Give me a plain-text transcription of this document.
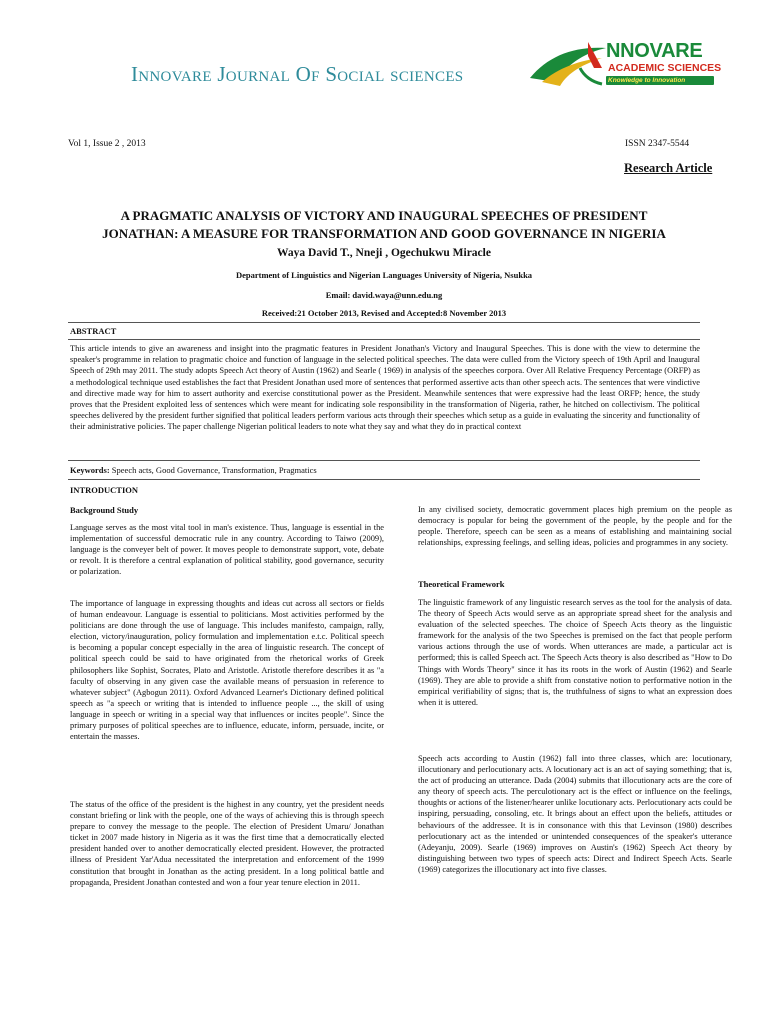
Innovare Journal Of Social sciences
NNOVARE
ACADEMIC SCIENCES
Knowledge to Innovation
Vol 1, Issue 2 , 2013	ISSN 2347-5544
Research Article
A PRAGMATIC ANALYSIS OF VICTORY AND INAUGURAL SPEECHES OF PRESIDENT
JONATHAN: A MEASURE FOR TRANSFORMATION AND GOOD GOVERNANCE IN NIGERIA
Waya David T., Nneji , Ogechukwu Miracle
Department of Linguistics and Nigerian Languages University of Nigeria, Nsukka
Email: david.waya@unn.edu.ng
Received:21 October 2013, Revised and Accepted:8 November 2013
ABSTRACT
This article intends to give an awareness and insight into the pragmatic features in President Jonathan's Victory and Inaugural Speeches. This is done with the view to determine the speaker's programme in relation to pragmatic choice and function of language in the selected political speeches. The data were culled from the Victory speech of 19th April and Inaugural Speech of 29th may 2011. The study adopts Speech Act theory of Austin (1962) and Searle ( 1969) in analysis of the speeches corpora. Over All Relative Frequency Percentage (ORFP) as a methodological technique used establishes the fact that President Jonathan used more of sentences that performed assertive acts than other speech acts. The sentences that were vindictive and directive made way for him to assert authority and exercise constitutional power as the President. Meanwhile sentences that were expressive had the least ORFP; hence, the study proves that the President exploited less of sentences which were meant for indicating sole responsibility in the transformation of Nigeria, rather, he hitched on collectivism. The political speeches delivered by the president further signified that political leaders perform various acts through their speeches which setup as a guide in evaluating the sincerity and functionality of their administrative policies. The paper challenge Nigerian political leaders to note what they say and what they do in practical context
Keywords: Speech acts, Good Governance, Transformation, Pragmatics
INTRODUCTION
Background Study

Language serves as the most vital tool in man's existence. Thus, language is essential in the implementation of successful democratic rule in any country. According to Taiwo (2009), language is the conveyer belt of power. It moves people to demonstrate support, vote, debate or revolt. It is therefore a central explanation of political stability, good governance, security or polarization.

The importance of language in expressing thoughts and ideas cut across all sectors or fields of human endeavour. Language is essential to politicians. Most activities performed by the politicians are done through the use of language. This includes manifesto, campaign, rally, election, victory/inauguration, policy formulation and implementation e.t.c. Political speech is becoming a popular concept especially in the area of linguistic research. The concept of political speech could be said to have originated from the rhetorical works of Greek philosophers like Sophist, Socrates, Plato and Aristotle. Aristotle therefore describes it as "a faculty of observing in any given case the available means of persuasion in reference to whatever subject" (Agbogun 2011). Oxford Advanced Learner's Dictionary defined political speech as "a speech or writing that is intended to influence people ..., the skill of using language in speech or writing in a special way that influences or incites people". Since the primary purposes of political speeches are to influence, educate, inform, persuade, incite, or entertain the masses.

The status of the office of the president is the highest in any country, yet the president needs constant briefing or link with the people, one of the ways of achieving this is through speech prepare to convey the message to the people. The election of President Umaru/ Jonathan ticket in 2007 made history in Nigeria as it was the first time that a democratically elected president handed over to another democratically elected president. However, the protracted illness of President Yar'Adua necessitated the interpretation and enforcement of the 1999 constitution that brought in Jonathan as the acting president. In a long political battle and propaganda, President Jonathan contested and won a four year tenure election in 2011.

In any civilised society, democratic government places high premium on the people as democracy is popular for being the government of the people, by the people and for the people. Therefore, speech can be seen as a means of establishing and maintaining social relationships, expressing feelings, and selling ideas, policies and programmes in any society.

Theoretical Framework

The linguistic framework of any linguistic research serves as the tool for the analysis of data. The theory of Speech Acts would serve as an appropriate spread sheet for the analysis and evaluation of the selected speeches. The choice of Speech Acts theory as the linguistic framework for the analysis of the two Speeches is premised on the fact that people perform various actions through the use of words. When utterances are made, a particular act is performed; this is called Speech act. The Speech Acts theory is also described as "How to Do Things with Words Theory" since it has its roots in the work of Austin (1962) and Searle (1969). They are able to provide a shift from constative notion to performative notion in the empirical verifiability of signs; that is, the truthfulness of signs to what an expression does when it is uttered.

Speech acts according to Austin (1962) fall into three classes, which are: locutionary, illocutionary and perlocutionary acts. A locutionary act is an act of saying something; that is, the act of producing an utterance. Dada (2004) submits that illocutionary acts are the core of any theory of speech acts. The perculotionary act is the effect or influence on the feelings, thoughts or actions of the listener/hearer unlike locutionary acts. Perlocutionary acts could be inspiring, persuading, consoling, etc. It brings about an effect upon the beliefs, attitudes or behaviours of the addressee. It is in consonance with this that Levinson (1980) describes perlocutionary act as the intended or unintended consequences of the speaker's utterance (Adeyanju, 2009). Searle (1969) improves on Austin's (1962) Speech Act theory by distinguishing between two types of speech acts: Direct and Indirect Speech Acts. Searle (1969) categorizes the illocutionary act into five classes.
